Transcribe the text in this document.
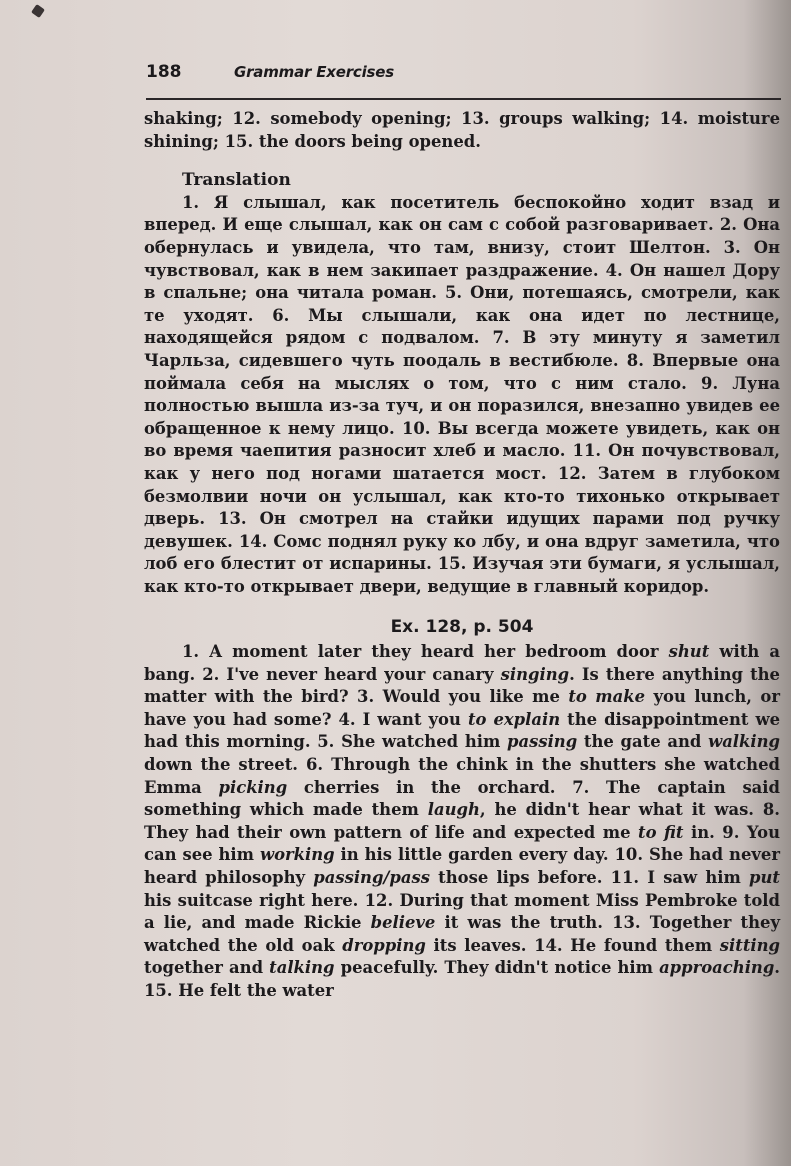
188	Grammar Exercises

shaking; 12. somebody opening; 13. groups walking; 14. moisture shining; 15. the doors being opened.

Translation

1. Я слышал, как посетитель беспокойно ходит взад и вперед. И еще слышал, как он сам с собой разговаривает. 2. Она обернулась и увидела, что там, внизу, стоит Шелтон. 3. Он чувствовал, как в нем закипает раздражение. 4. Он нашел Дору в спальне; она читала роман. 5. Они, потешаясь, смотрели, как те уходят. 6. Мы слышали, как она идет по лестнице, находящейся рядом с подвалом. 7. В эту минуту я заметил Чарльза, сидевшего чуть поодаль в вестибюле. 8. Впервые она поймала себя на мыслях о том, что с ним стало. 9. Луна полностью вышла из-за туч, и он поразился, внезапно увидев ее обращенное к нему лицо. 10. Вы всегда можете увидеть, как он во время чаепития разносит хлеб и масло. 11. Он почувствовал, как у него под ногами шатается мост. 12. Затем в глубоком безмолвии ночи он услышал, как кто-то тихонько открывает дверь. 13. Он смотрел на стайки идущих парами под ручку девушек. 14. Сомс поднял руку ко лбу, и она вдруг заметила, что лоб его блестит от испарины. 15. Изучая эти бумаги, я услышал, как кто-то открывает двери, ведущие в главный коридор.

Ex. 128, p. 504

1. A moment later they heard her bedroom door shut with a bang. 2. I've never heard your canary singing. Is there anything the matter with the bird? 3. Would you like me to make you lunch, or have you had some? 4. I want you to explain the disappointment we had this morning. 5. She watched him passing the gate and walking down the street. 6. Through the chink in the shutters she watched Emma picking cherries in the orchard. 7. The captain said something which made them laugh, he didn't hear what it was. 8. They had their own pattern of life and expected me to fit in. 9. You can see him working in his little garden every day. 10. She had never heard philosophy passing/pass those lips before. 11. I saw him put his suitcase right here. 12. During that moment Miss Pembroke told a lie, and made Rickie believe it was the truth. 13. Together they watched the old oak dropping its leaves. 14. He found them sitting together and talking peacefully. They didn't notice him approaching. 15. He felt the water
